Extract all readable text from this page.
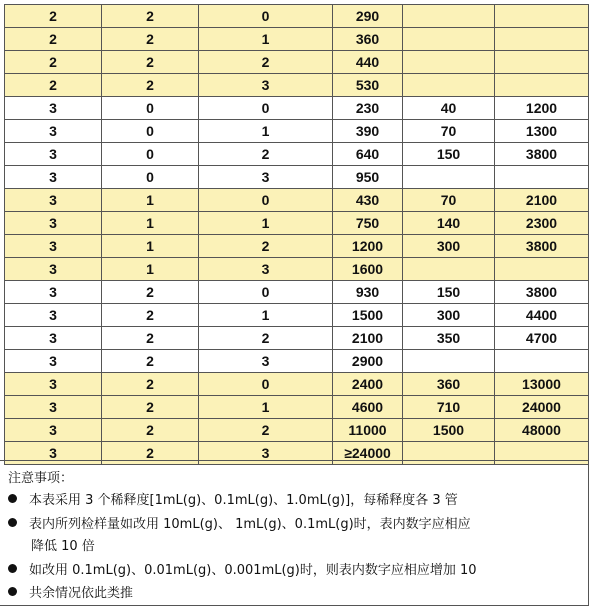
2	2	0	290		
2	2	1	360		
2	2	2	440		
2	2	3	530		
3	0	0	230	40	1200
3	0	1	390	70	1300
3	0	2	640	150	3800
3	0	3	950		
3	1	0	430	70	2100
3	1	1	750	140	2300
3	1	2	1200	300	3800
3	1	3	1600		
3	2	0	930	150	3800
3	2	1	1500	300	4400
3	2	2	2100	350	4700
3	2	3	2900		
3	2	0	2400	360	13000
3	2	1	4600	710	24000
3	2	2	11000	1500	48000
3	2	3	≥24000		
注意事项：
本表采用 3 个稀释度[1mL(g)、0.1mL(g)、1.0mL(g)]，每稀释度各 3 管
表内所列检样量如改用 10mL(g)、 1mL(g)、0.1mL(g)时，表内数字应相应
降低 10 倍
如改用 0.1mL(g)、0.01mL(g)、0.001mL(g)时，则表内数字应相应增加 10
共余情况依此类推
